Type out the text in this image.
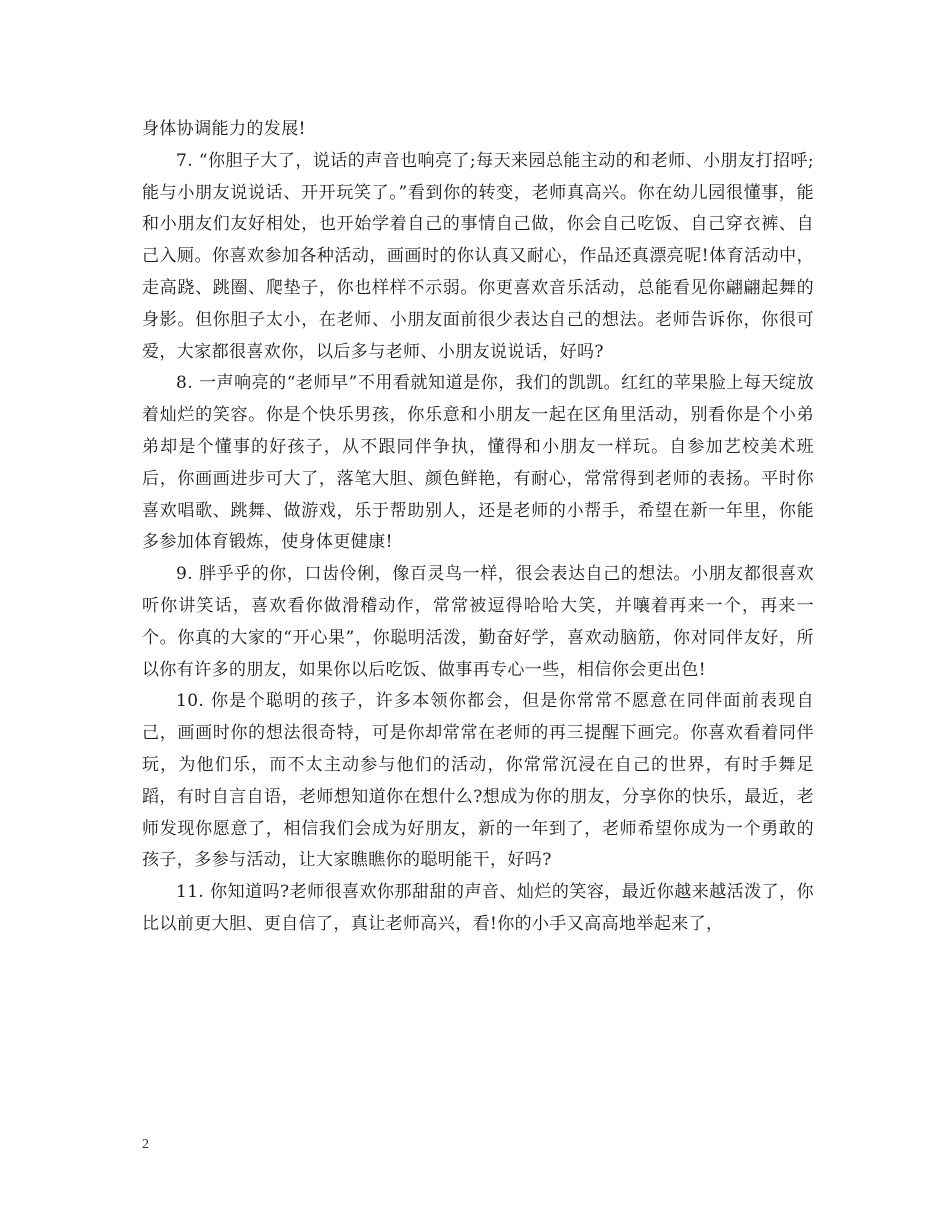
身体协调能力的发展!

7. “你胆子大了，说话的声音也响亮了;每天来园总能主动的和老师、小朋友打招呼;能与小朋友说说话、开开玩笑了。”看到你的转变，老师真高兴。你在幼儿园很懂事，能和小朋友们友好相处，也开始学着自己的事情自己做，你会自己吃饭、自己穿衣裤、自己入厕。你喜欢参加各种活动，画画时的你认真又耐心，作品还真漂亮呢!体育活动中，走高跷、跳圈、爬垫子，你也样样不示弱。你更喜欢音乐活动，总能看见你翩翩起舞的身影。但你胆子太小，在老师、小朋友面前很少表达自己的想法。老师告诉你，你很可爱，大家都很喜欢你，以后多与老师、小朋友说说话，好吗?

8. 一声响亮的“老师早”不用看就知道是你，我们的凯凯。红红的苹果脸上每天绽放着灿烂的笑容。你是个快乐男孩，你乐意和小朋友一起在区角里活动，别看你是个小弟弟却是个懂事的好孩子，从不跟同伴争执，懂得和小朋友一样玩。自参加艺校美术班后，你画画进步可大了，落笔大胆、颜色鲜艳，有耐心，常常得到老师的表扬。平时你喜欢唱歌、跳舞、做游戏，乐于帮助别人，还是老师的小帮手，希望在新一年里，你能多参加体育锻炼，使身体更健康!

9. 胖乎乎的你，口齿伶俐，像百灵鸟一样，很会表达自己的想法。小朋友都很喜欢听你讲笑话，喜欢看你做滑稽动作，常常被逗得哈哈大笑，并嚷着再来一个，再来一个。你真的大家的“开心果”，你聪明活泼，勤奋好学，喜欢动脑筋，你对同伴友好，所以你有许多的朋友，如果你以后吃饭、做事再专心一些，相信你会更出色!

10. 你是个聪明的孩子，许多本领你都会，但是你常常不愿意在同伴面前表现自己，画画时你的想法很奇特，可是你却常常在老师的再三提醒下画完。你喜欢看着同伴玩，为他们乐，而不太主动参与他们的活动，你常常沉浸在自己的世界，有时手舞足蹈，有时自言自语，老师想知道你在想什么?想成为你的朋友，分享你的快乐，最近，老师发现你愿意了，相信我们会成为好朋友，新的一年到了，老师希望你成为一个勇敢的孩子，多参与活动，让大家瞧瞧你的聪明能干，好吗?

11. 你知道吗?老师很喜欢你那甜甜的声音、灿烂的笑容，最近你越来越活泼了，你比以前更大胆、更自信了，真让老师高兴，看!你的小手又高高地举起来了，

2
